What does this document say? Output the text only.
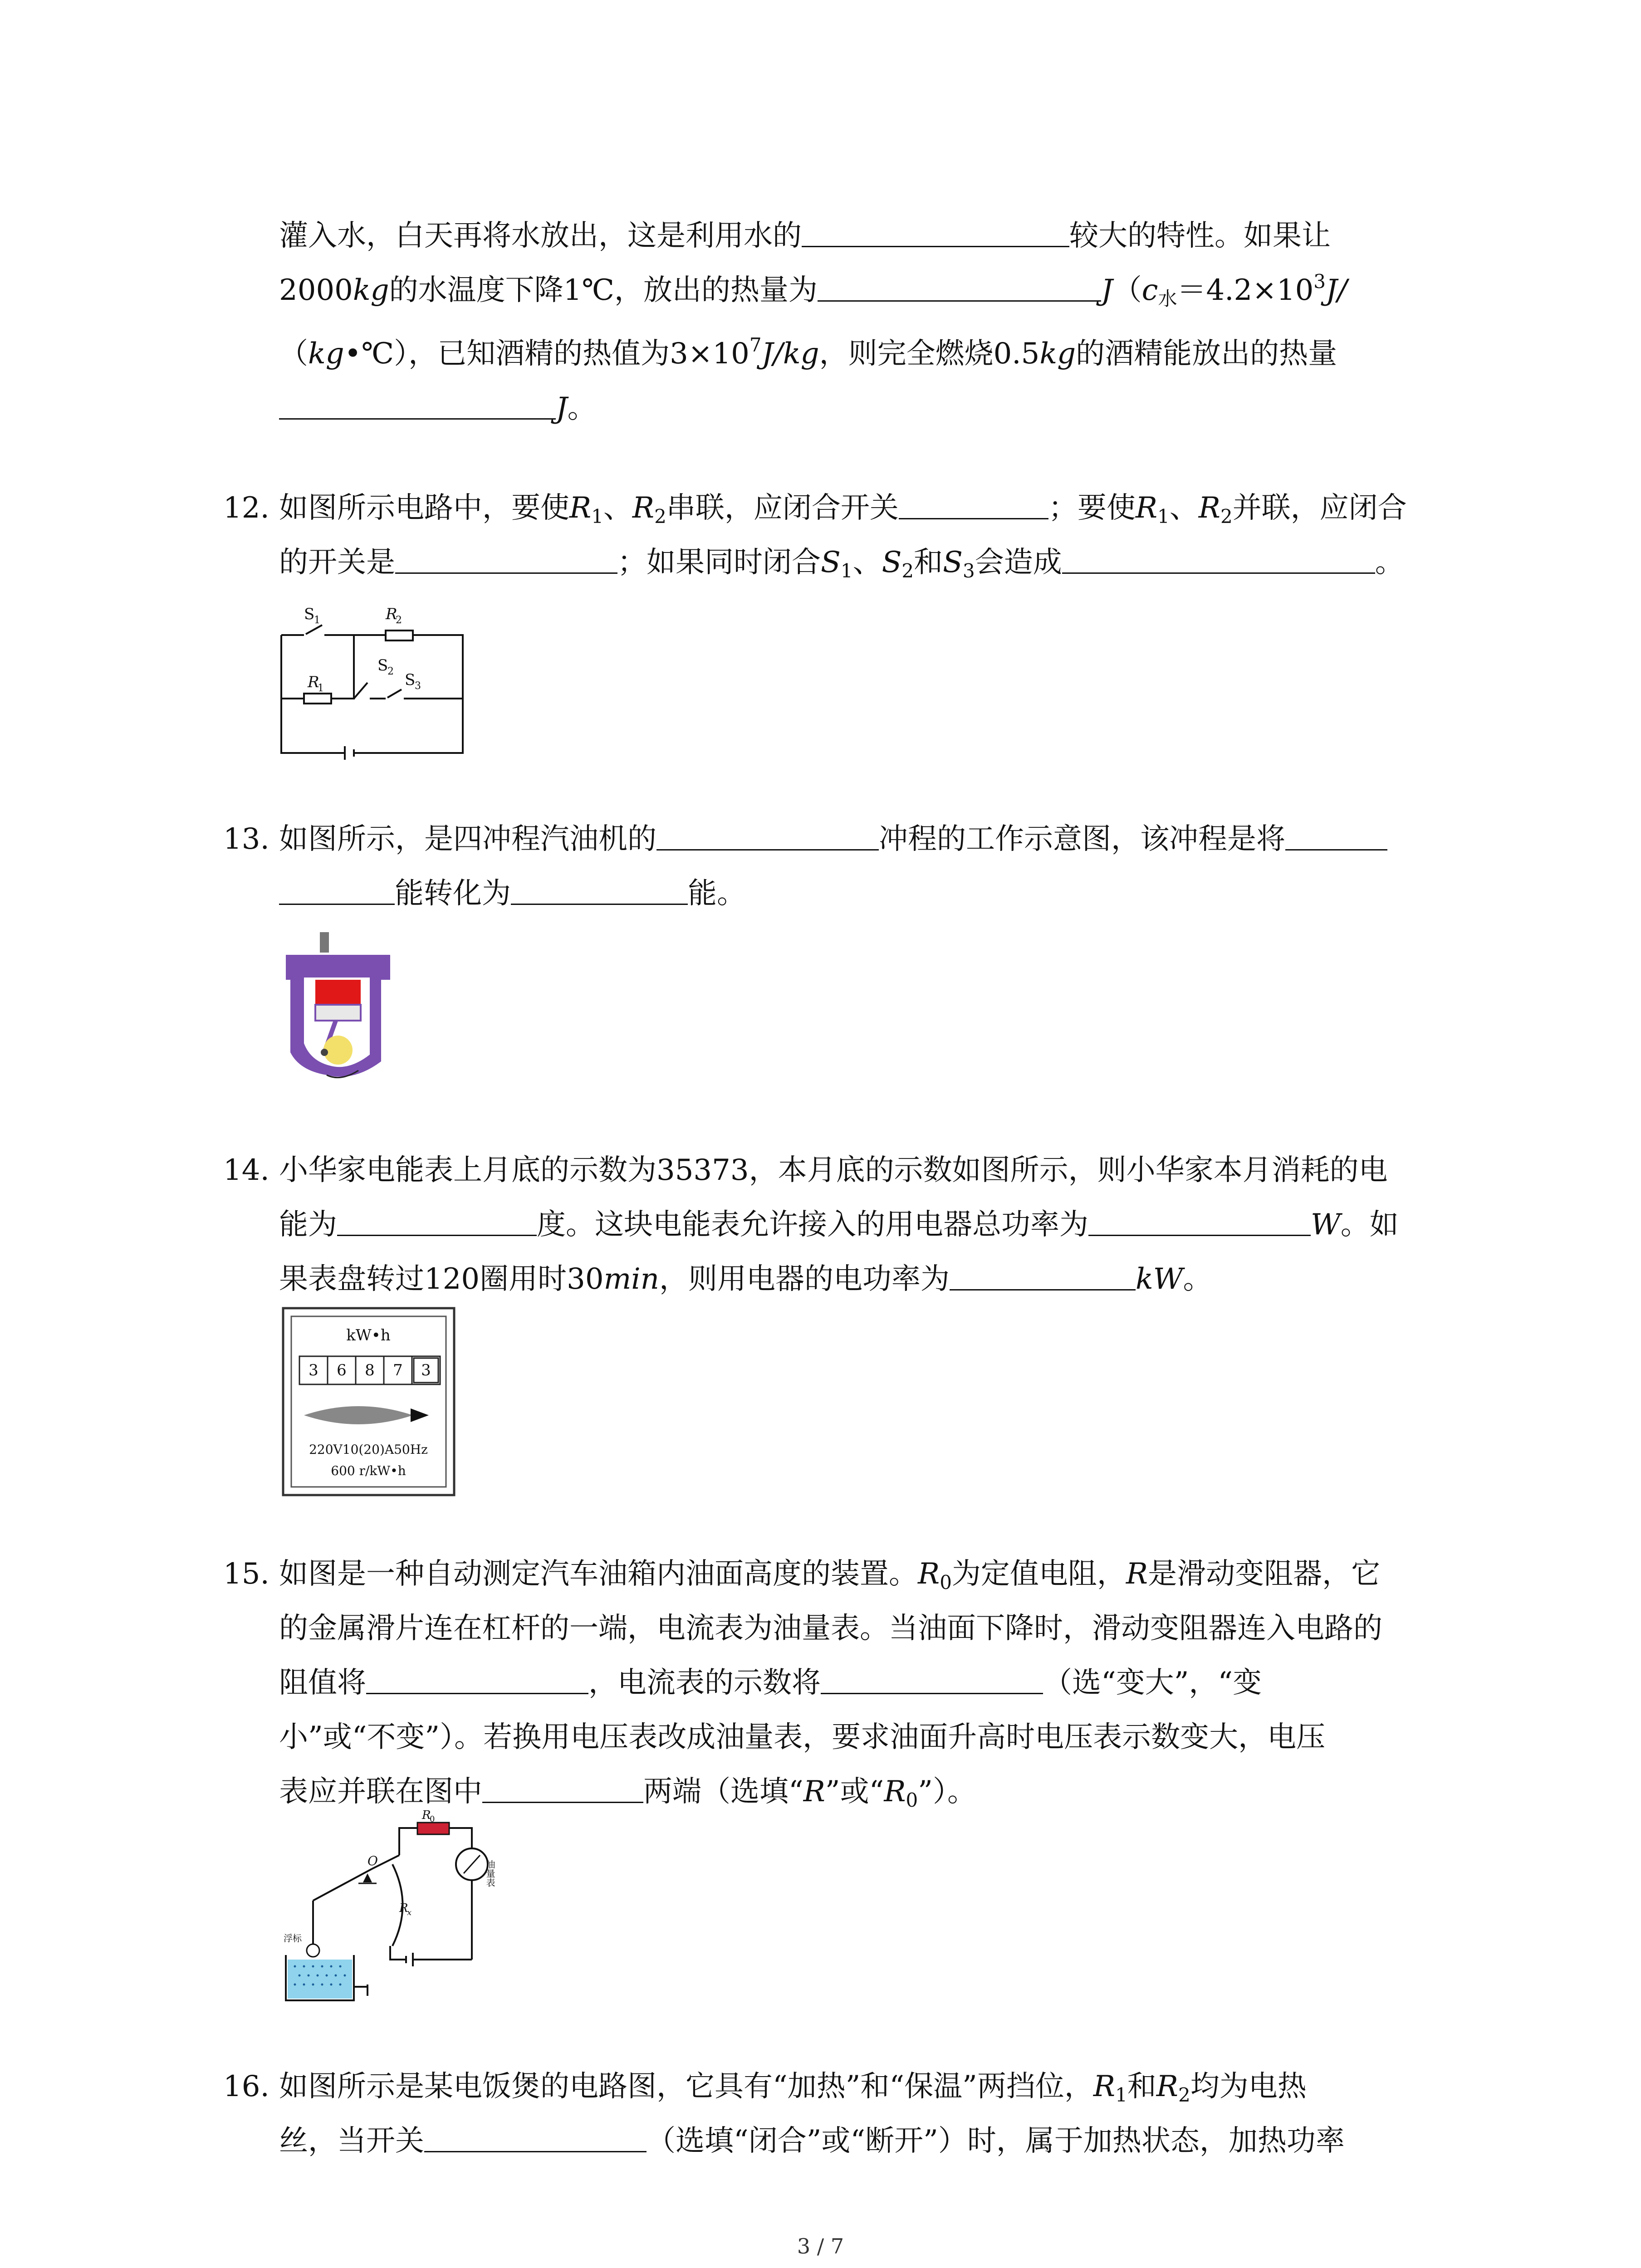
灌入水，白天再将水放出，这是利用水的	较大的特性。如果让
2000kg的水温度下降1℃，放出的热量为	$J(c_水=4.2\times 10^3J/$
（kg•℃），已知酒精的热值为$3\times 10^7J/kg$，则完全燃烧0.5kg的酒精能放出的热量
J。
12. 如图所示电路中，要使$R_1$、$R_2$串联，应闭合开关	；要使$R_1$、$R_2$并联，应闭合
的开关是	；如果同时闭合$S_1$、$S_2$和$S_3$会造成	。
S
1	R
2
S
2
R
1	S
3
13. 如图所示，是四冲程汽油机的	冲程的工作示意图，该冲程是将
能转化为	能。
14. 小华家电能表上月底的示数为35373，本月底的示数如图所示，则小华家本月消耗的电
能为	度。这块电能表允许接入的用电器总功率为	W。如
果表盘转过120圈用时30min，则用电器的电功率为	kW。
kW•h
3 6 8 7 3
220V10(20)A50Hz
600 r/kW•h
15. 如图是一种自动测定汽车油箱内油面高度的装置。$R_0$为定值电阻，R是滑动变阻器，它
的金属滑片连在杠杆的一端，电流表为油量表。当油面下降时，滑动变阻器连入电路的
阻值将	，电流表的示数将	（选“变大”，“变
小”或“不变”）。若换用电压表改成油量表，要求油面升高时电压表示数变大，电压
表应并联在图中	两端（选填“R”或“$R_0$”）。
O
R
0
R
x
浮标
油量表
16. 如图所示是某电饭煲的电路图，它具有“加热”和“保温”两挡位，$R_1$和$R_2$均为电热
丝，当开关	（选填“闭合”或“断开”）时，属于加热状态，加热功率
3 / 7
